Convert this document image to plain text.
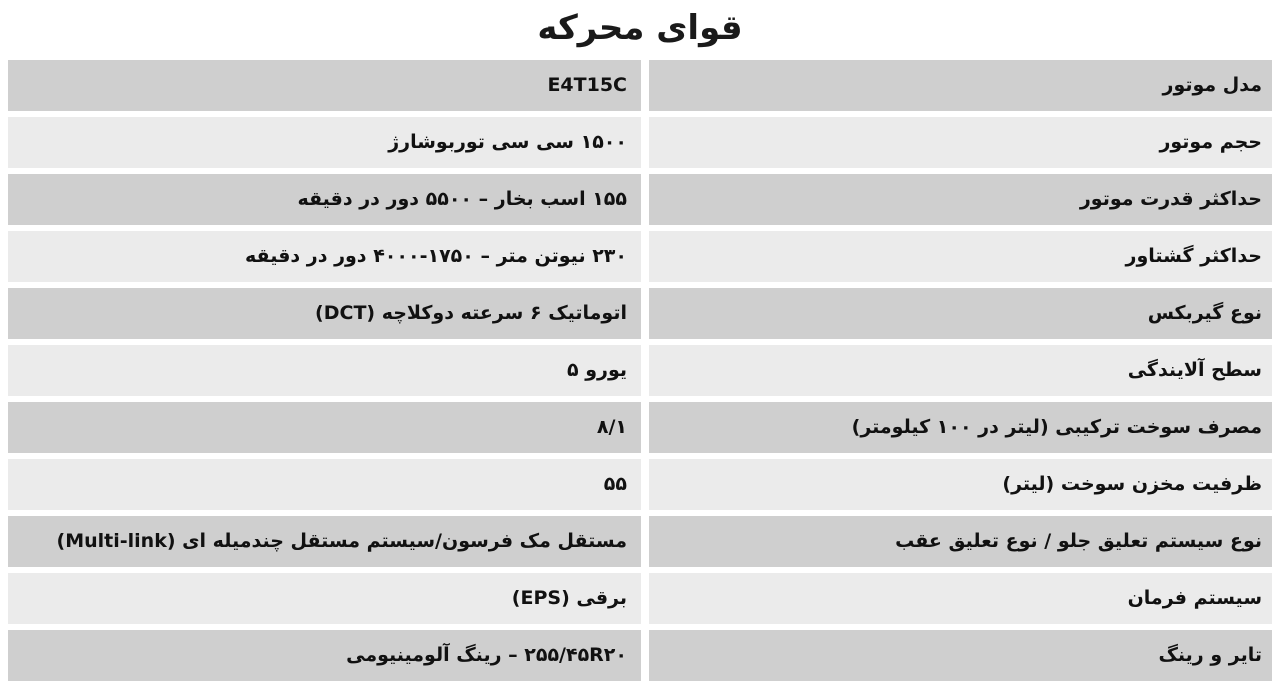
قوای محرکه
مدل موتور
E4T15C
حجم موتور
۱۵۰۰ سی سی توربوشارژ
حداکثر قدرت موتور
۱۵۵ اسب بخار – ۵۵۰۰ دور در دقیقه
حداکثر گشتاور
۲۳۰ نیوتن متر – ۱۷۵۰-۴۰۰۰ دور در دقیقه
نوع گیربکس
اتوماتیک ۶ سرعته دوکلاچه (DCT)
سطح آلایندگی
یورو ۵
مصرف سوخت ترکیبی (لیتر در ۱۰۰ کیلومتر)
۸/۱
ظرفیت مخزن سوخت (لیتر)
۵۵
نوع سیستم تعلیق جلو / نوع تعلیق عقب
مستقل مک فرسون/سیستم مستقل چندمیله ای (Multi-link)
سیستم فرمان
برقی (EPS)
تایر و رینگ
۲۵۵/۴۵R۲۰ – رینگ آلومینیومی
